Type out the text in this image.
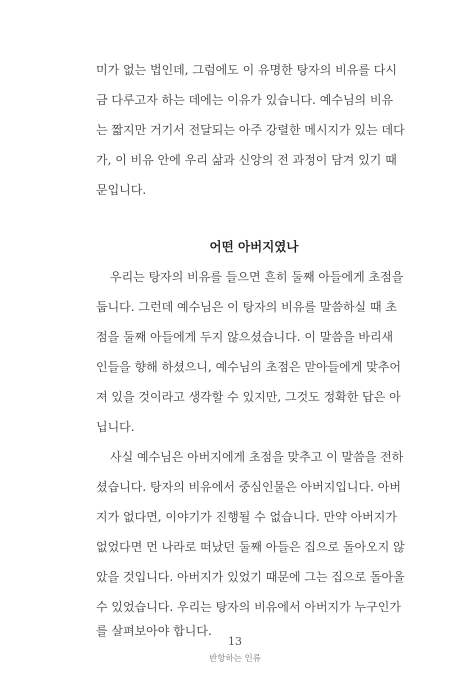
미가 없는 법인데, 그럼에도 이 유명한 탕자의 비유를 다시
금 다루고자 하는 데에는 이유가 있습니다. 예수님의 비유
는 짧지만 거기서 전달되는 아주 강렬한 메시지가 있는 데다
가, 이 비유 안에 우리 삶과 신앙의 전 과정이 담겨 있기 때
문입니다.
어떤 아버지였나
우리는 탕자의 비유를 들으면 흔히 둘째 아들에게 초점을
둡니다. 그런데 예수님은 이 탕자의 비유를 말씀하실 때 초
점을 둘째 아들에게 두지 않으셨습니다. 이 말씀을 바리새
인들을 향해 하셨으니, 예수님의 초점은 맏아들에게 맞추어
져 있을 것이라고 생각할 수 있지만, 그것도 정확한 답은 아
닙니다.
사실 예수님은 아버지에게 초점을 맞추고 이 말씀을 전하
셨습니다. 탕자의 비유에서 중심인물은 아버지입니다. 아버
지가 없다면, 이야기가 진행될 수 없습니다. 만약 아버지가
없었다면 먼 나라로 떠났던 둘째 아들은 집으로 돌아오지 않
았을 것입니다. 아버지가 있었기 때문에 그는 집으로 돌아올
수 있었습니다. 우리는 탕자의 비유에서 아버지가 누구인가
를 살펴보아야 합니다.
13
반항하는 인류
